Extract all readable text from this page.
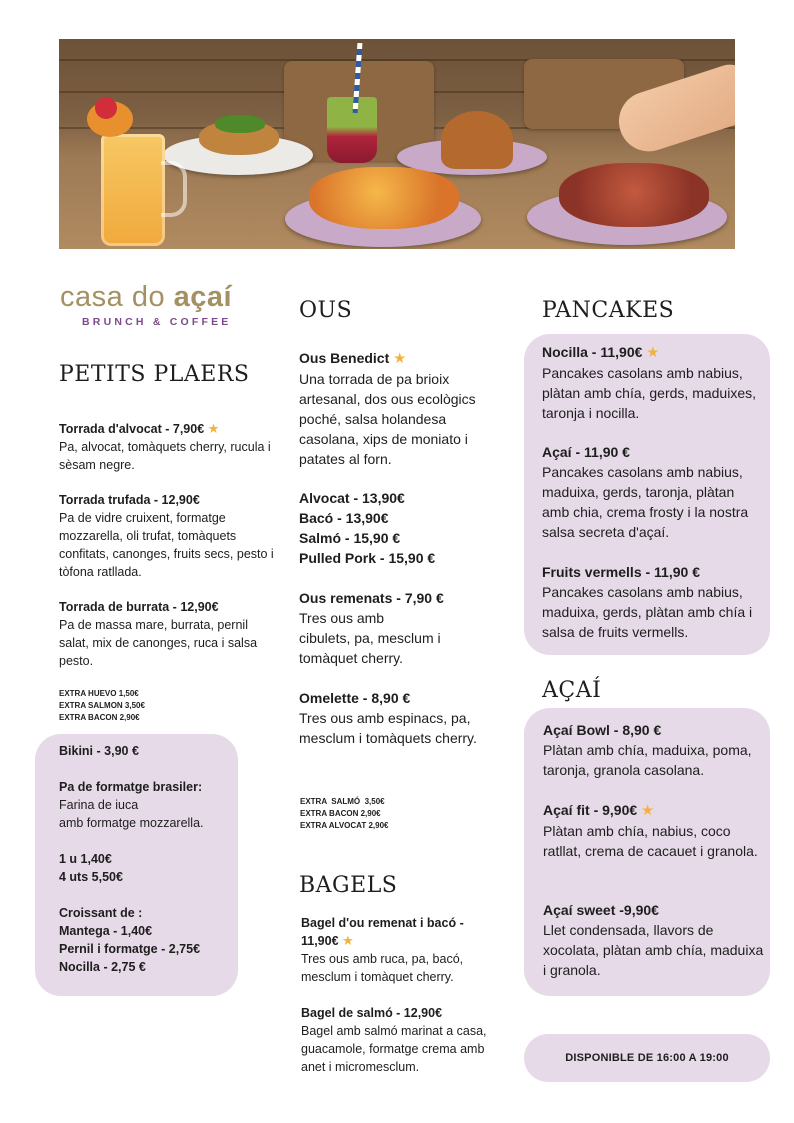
casa do açaí
BRUNCH & COFFEE
PETITS PLAERS
OUS
BAGELS
PANCAKES
AÇAÍ
Torrada d'alvocat - 7,90€ ★
Pa, alvocat, tomàquets cherry, rucula i sèsam negre.
Torrada trufada - 12,90€
Pa de vidre cruixent, formatge mozzarella, oli trufat, tomàquets confitats, canonges, fruits secs, pesto i tòfona ratllada.
Torrada de burrata - 12,90€
Pa de massa mare, burrata, pernil salat, mix de canonges, ruca i salsa pesto.
EXTRA HUEVO 1,50€
EXTRA SALMON 3,50€
EXTRA BACON 2,90€
Bikini - 3,90 €
Pa de formatge brasiler:
Farina de iuca
amb formatge mozzarella.
1 u 1,40€
4 uts 5,50€
Croissant de :
Mantega - 1,40€
Pernil i formatge - 2,75€
Nocilla - 2,75 €
Ous Benedict ★
Una torrada de pa brioix artesanal, dos ous ecològics poché, salsa holandesa casolana, xips de moniato i patates al forn.
Alvocat - 13,90€
Bacó - 13,90€
Salmó - 15,90 €
Pulled Pork - 15,90 €
Ous remenats - 7,90 €
Tres ous amb
cibulets, pa, mesclum i tomàquet cherry.
Omelette - 8,90 €
Tres ous amb espinacs, pa, mesclum i tomàquets cherry.
EXTRA  SALMÓ  3,50€
EXTRA BACON 2,90€
EXTRA ALVOCAT 2,90€
Bagel d'ou remenat i bacó - 11,90€ ★
Tres ous amb ruca, pa, bacó, mesclum i tomàquet cherry.
Bagel de salmó - 12,90€
Bagel amb salmó marinat a casa, guacamole, formatge crema amb anet i micromesclum.
Nocilla - 11,90€ ★
Pancakes casolans amb nabius, plàtan amb chía, gerds, maduixes, taronja i nocilla.
Açaí - 11,90 €
Pancakes casolans amb nabius, maduixa, gerds, taronja, plàtan amb chia, crema frosty i la nostra salsa secreta d'açaí.
Fruits vermells - 11,90 €
Pancakes casolans amb nabius, maduixa, gerds, plàtan amb chía i salsa de fruits vermells.
Açaí Bowl - 8,90 €
Plàtan amb chía, maduixa, poma, taronja, granola casolana.
Açaí fit - 9,90€ ★
Plàtan amb chía, nabius, coco ratllat, crema de cacauet i granola.
Açaí sweet -9,90€
Llet condensada, llavors de xocolata, plàtan amb chía, maduixa i granola.
DISPONIBLE DE 16:00 A 19:00
